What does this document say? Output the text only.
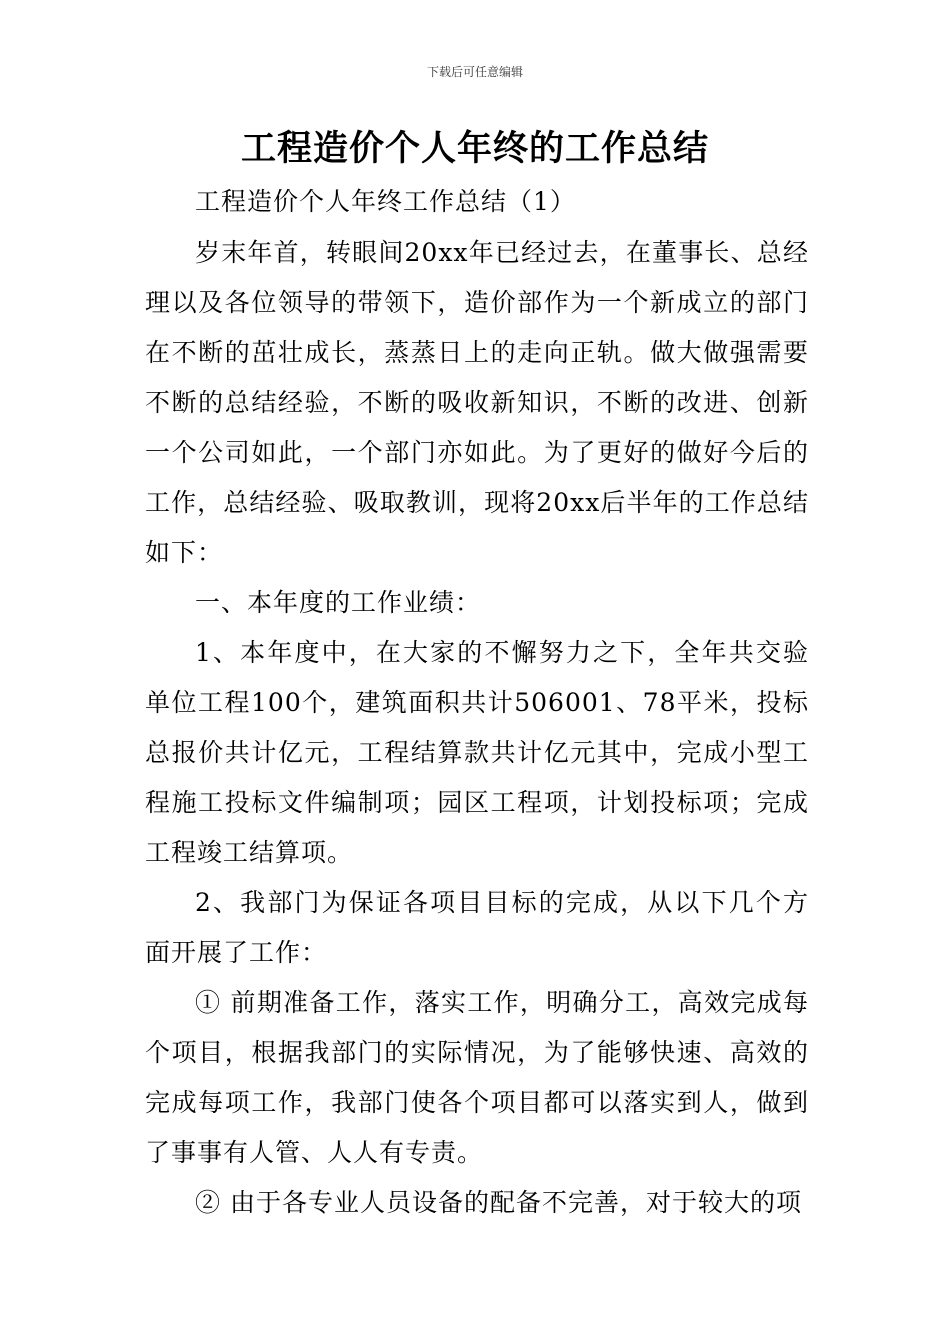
下载后可任意编辑
工程造价个人年终的工作总结

工程造价个人年终工作总结（1）

岁末年首，转眼间20xx年已经过去，在董事长、总经理以及各位领导的带领下，造价部作为一个新成立的部门在不断的茁壮成长，蒸蒸日上的走向正轨。做大做强需要不断的总结经验，不断的吸收新知识，不断的改进、创新一个公司如此，一个部门亦如此。为了更好的做好今后的工作，总结经验、吸取教训，现将20xx后半年的工作总结如下：

一、本年度的工作业绩：

1、本年度中，在大家的不懈努力之下，全年共交验单位工程100个，建筑面积共计506001、78平米，投标总报价共计亿元，工程结算款共计亿元其中，完成小型工程施工投标文件编制项；园区工程项，计划投标项；完成工程竣工结算项。

2、我部门为保证各项目目标的完成，从以下几个方面开展了工作：

① 前期准备工作，落实工作，明确分工，高效完成每个项目，根据我部门的实际情况，为了能够快速、高效的完成每项工作，我部门使各个项目都可以落实到人，做到了事事有人管、人人有专责。

② 由于各专业人员设备的配备不完善，对于较大的项
